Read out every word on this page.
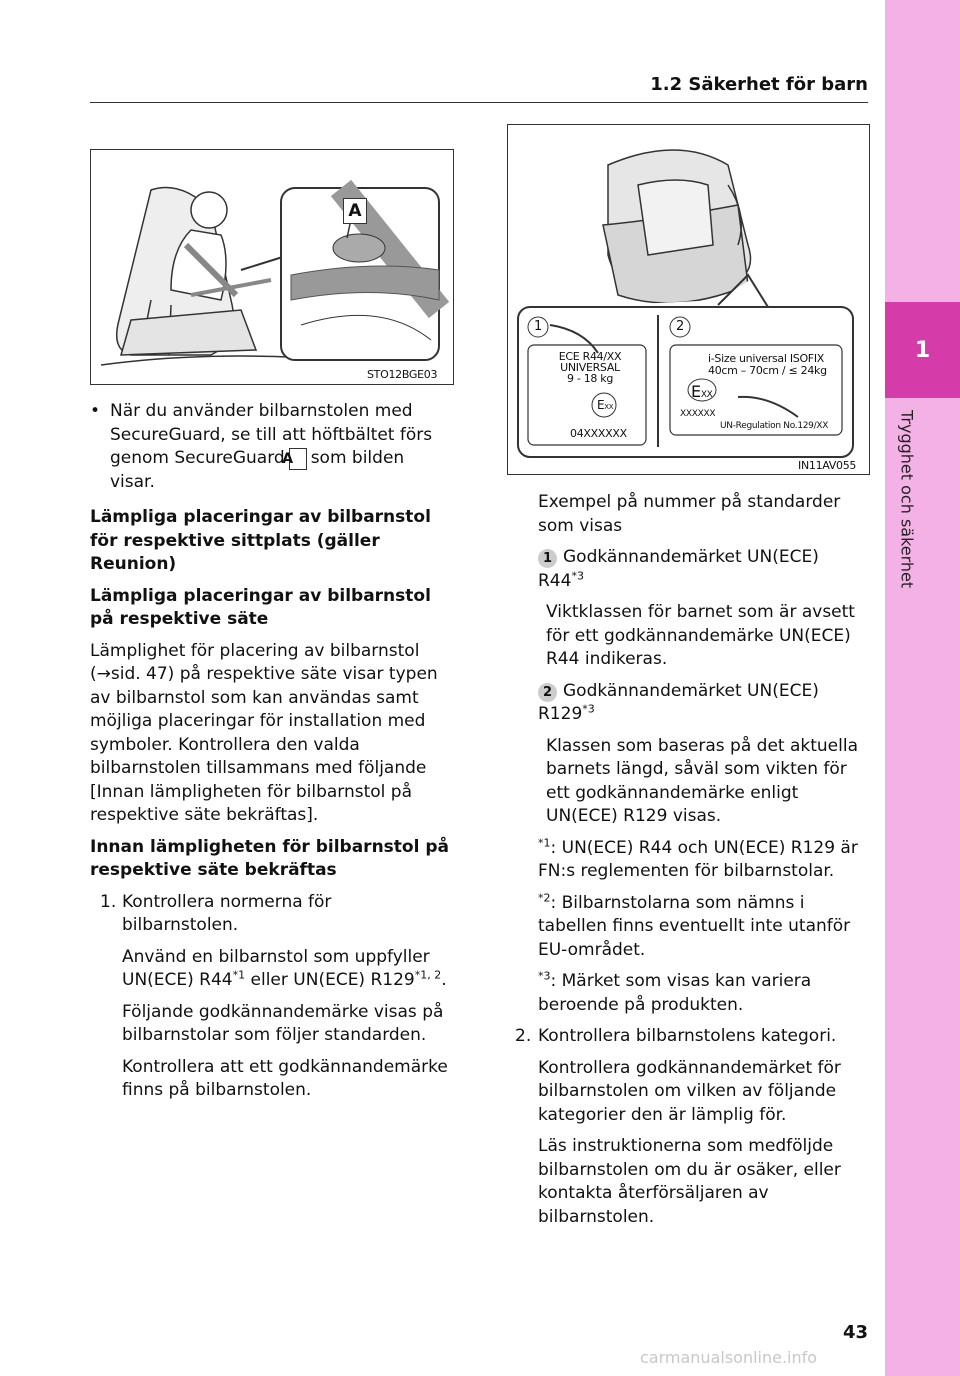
1
Trygghet och säkerhet
1.2 Säkerhet för barn
A
STO12BGE03
1	2
ECE R44/XX
UNIVERSAL
9 - 18 kg
EXX
04XXXXXX
i-Size universal ISOFIX
40cm – 70cm / ≤ 24kg
EXX
XXXXXX
UN-Regulation No.129/XX
IN11AV055

• När du använder bilbarnstolen med SecureGuard, se till att höftbältet förs genom SecureGuardA som bilden visar.

Lämpliga placeringar av bilbarnstol för respektive sittplats (gäller Reunion)

Lämpliga placeringar av bilbarnstol på respektive säte

Lämplighet för placering av bilbarnstol (→sid. 47) på respektive säte visar typen av bilbarnstol som kan användas samt möjliga placeringar för installation med symboler. Kontrollera den valda bilbarnstolen tillsammans med följande [Innan lämpligheten för bilbarnstol på respektive säte bekräftas].

Innan lämpligheten för bilbarnstol på respektive säte bekräftas

1. Kontrollera normerna för bilbarnstolen.

Använd en bilbarnstol som uppfyller UN(ECE) R44$^{*1}$ eller UN(ECE) R129$^{*1, 2}$.

Följande godkännandemärke visas på bilbarnstolar som följer standarden.

Kontrollera att ett godkännandemärke finns på bilbarnstolen.

Exempel på nummer på standarder som visas

1 Godkännandemärket UN(ECE) R44$^{*3}$

Viktklassen för barnet som är avsett för ett godkännandemärke UN(ECE) R44 indikeras.

2 Godkännandemärket UN(ECE) R129$^{*3}$

Klassen som baseras på det aktuella barnets längd, såväl som vikten för ett godkännandemärke enligt UN(ECE) R129 visas.

$^{*1}$: UN(ECE) R44 och UN(ECE) R129 är FN:s reglementen för bilbarnstolar.

$^{*2}$: Bilbarnstolarna som nämns i tabellen finns eventuellt inte utanför EU-området.

$^{*3}$: Märket som visas kan variera beroende på produkten.

2. Kontrollera bilbarnstolens kategori.

Kontrollera godkännandemärket för bilbarnstolen om vilken av följande kategorier den är lämplig för.

Läs instruktionerna som medföljde bilbarnstolen om du är osäker, eller kontakta återförsäljaren av bilbarnstolen.

43
carmanualsonline.info
